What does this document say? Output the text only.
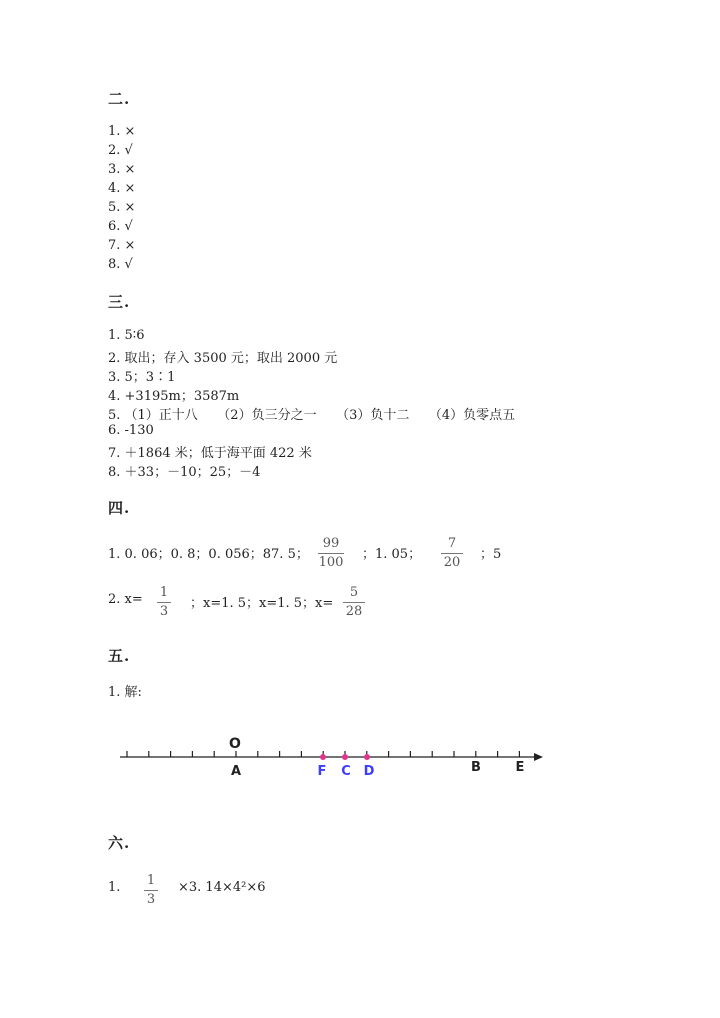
二.
1. ×
2. √
3. ×
4. ×
5. ×
6. √
7. ×
8. √
三.
1. 5∶6
2. 取出；存入 3500 元；取出 2000 元
3. 5；3∶1
4. +3195m；3587m
5. （1）正十八　　（2）负三分之一　　（3）负十二　　（4）负零点五
6. -130
7. ＋1864 米；低于海平面 422 米
8. ＋33；－10；25；－4
四.
1. 0. 06；0. 8；0. 056；87. 5；
99
100
；1. 05；
7
20
；5
2. x= 1
3
；x=1. 5；x=1. 5；x=
5
28
五.
1. 解:
O
A	F C D	B	E
六.
1. 1
3
×3. 14×4²×6
